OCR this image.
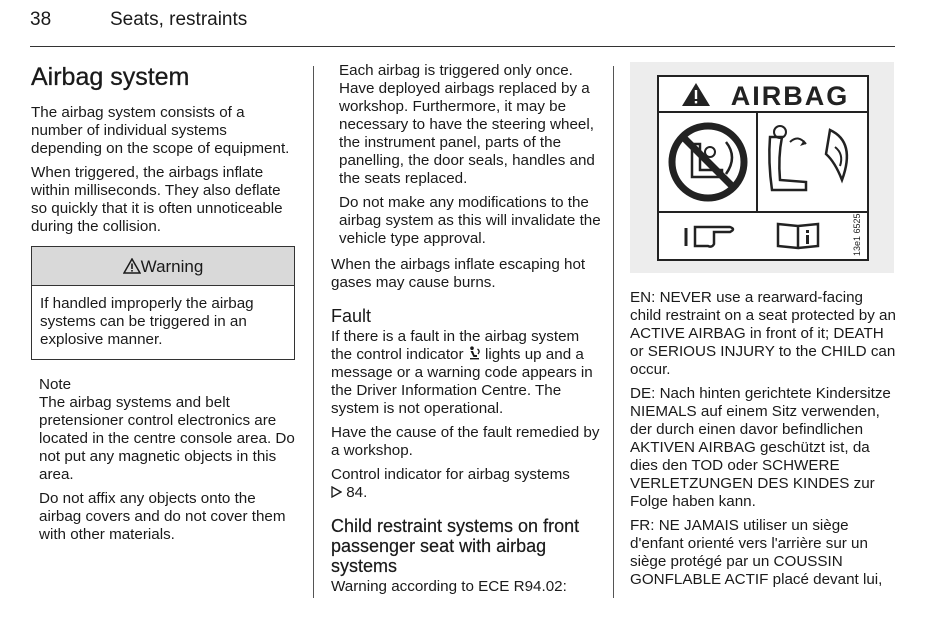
38	Seats, restraints
Airbag system

The airbag system consists of a number of individual systems depending on the scope of equipment.

When triggered, the airbags inflate within milliseconds. They also deflate so quickly that it is often unnoticeable during the collision.

Warning
If handled improperly the airbag systems can be triggered in an explosive manner.

Note

The airbag systems and belt pretensioner control electronics are located in the centre console area. Do not put any magnetic objects in this area.

Do not affix any objects onto the airbag covers and do not cover them with other materials.

Each airbag is triggered only once. Have deployed airbags replaced by a workshop. Furthermore, it may be necessary to have the steering wheel, the instrument panel, parts of the panelling, the door seals, handles and the seats replaced.

Do not make any modifications to the airbag system as this will invalidate the vehicle type approval.

When the airbags inflate escaping hot gases may cause burns.

Fault

If there is a fault in the airbag system the control indicator lights up and a message or a warning code appears in the Driver Information Centre. The system is not operational.

Have the cause of the fault remedied by a workshop.

Control indicator for airbag systems
84.

Child restraint systems on front passenger seat with airbag systems

Warning according to ECE R94.02:

AIRBAG
13e1 6525

EN: NEVER use a rearward-facing child restraint on a seat protected by an ACTIVE AIRBAG in front of it; DEATH or SERIOUS INJURY to the CHILD can occur.

DE: Nach hinten gerichtete Kindersitze NIEMALS auf einem Sitz verwenden, der durch einen davor befindlichen AKTIVEN AIRBAG geschützt ist, da dies den TOD oder SCHWERE VERLETZUNGEN DES KINDES zur Folge haben kann.

FR: NE JAMAIS utiliser un siège d'enfant orienté vers l'arrière sur un siège protégé par un COUSSIN GONFLABLE ACTIF placé devant lui,
